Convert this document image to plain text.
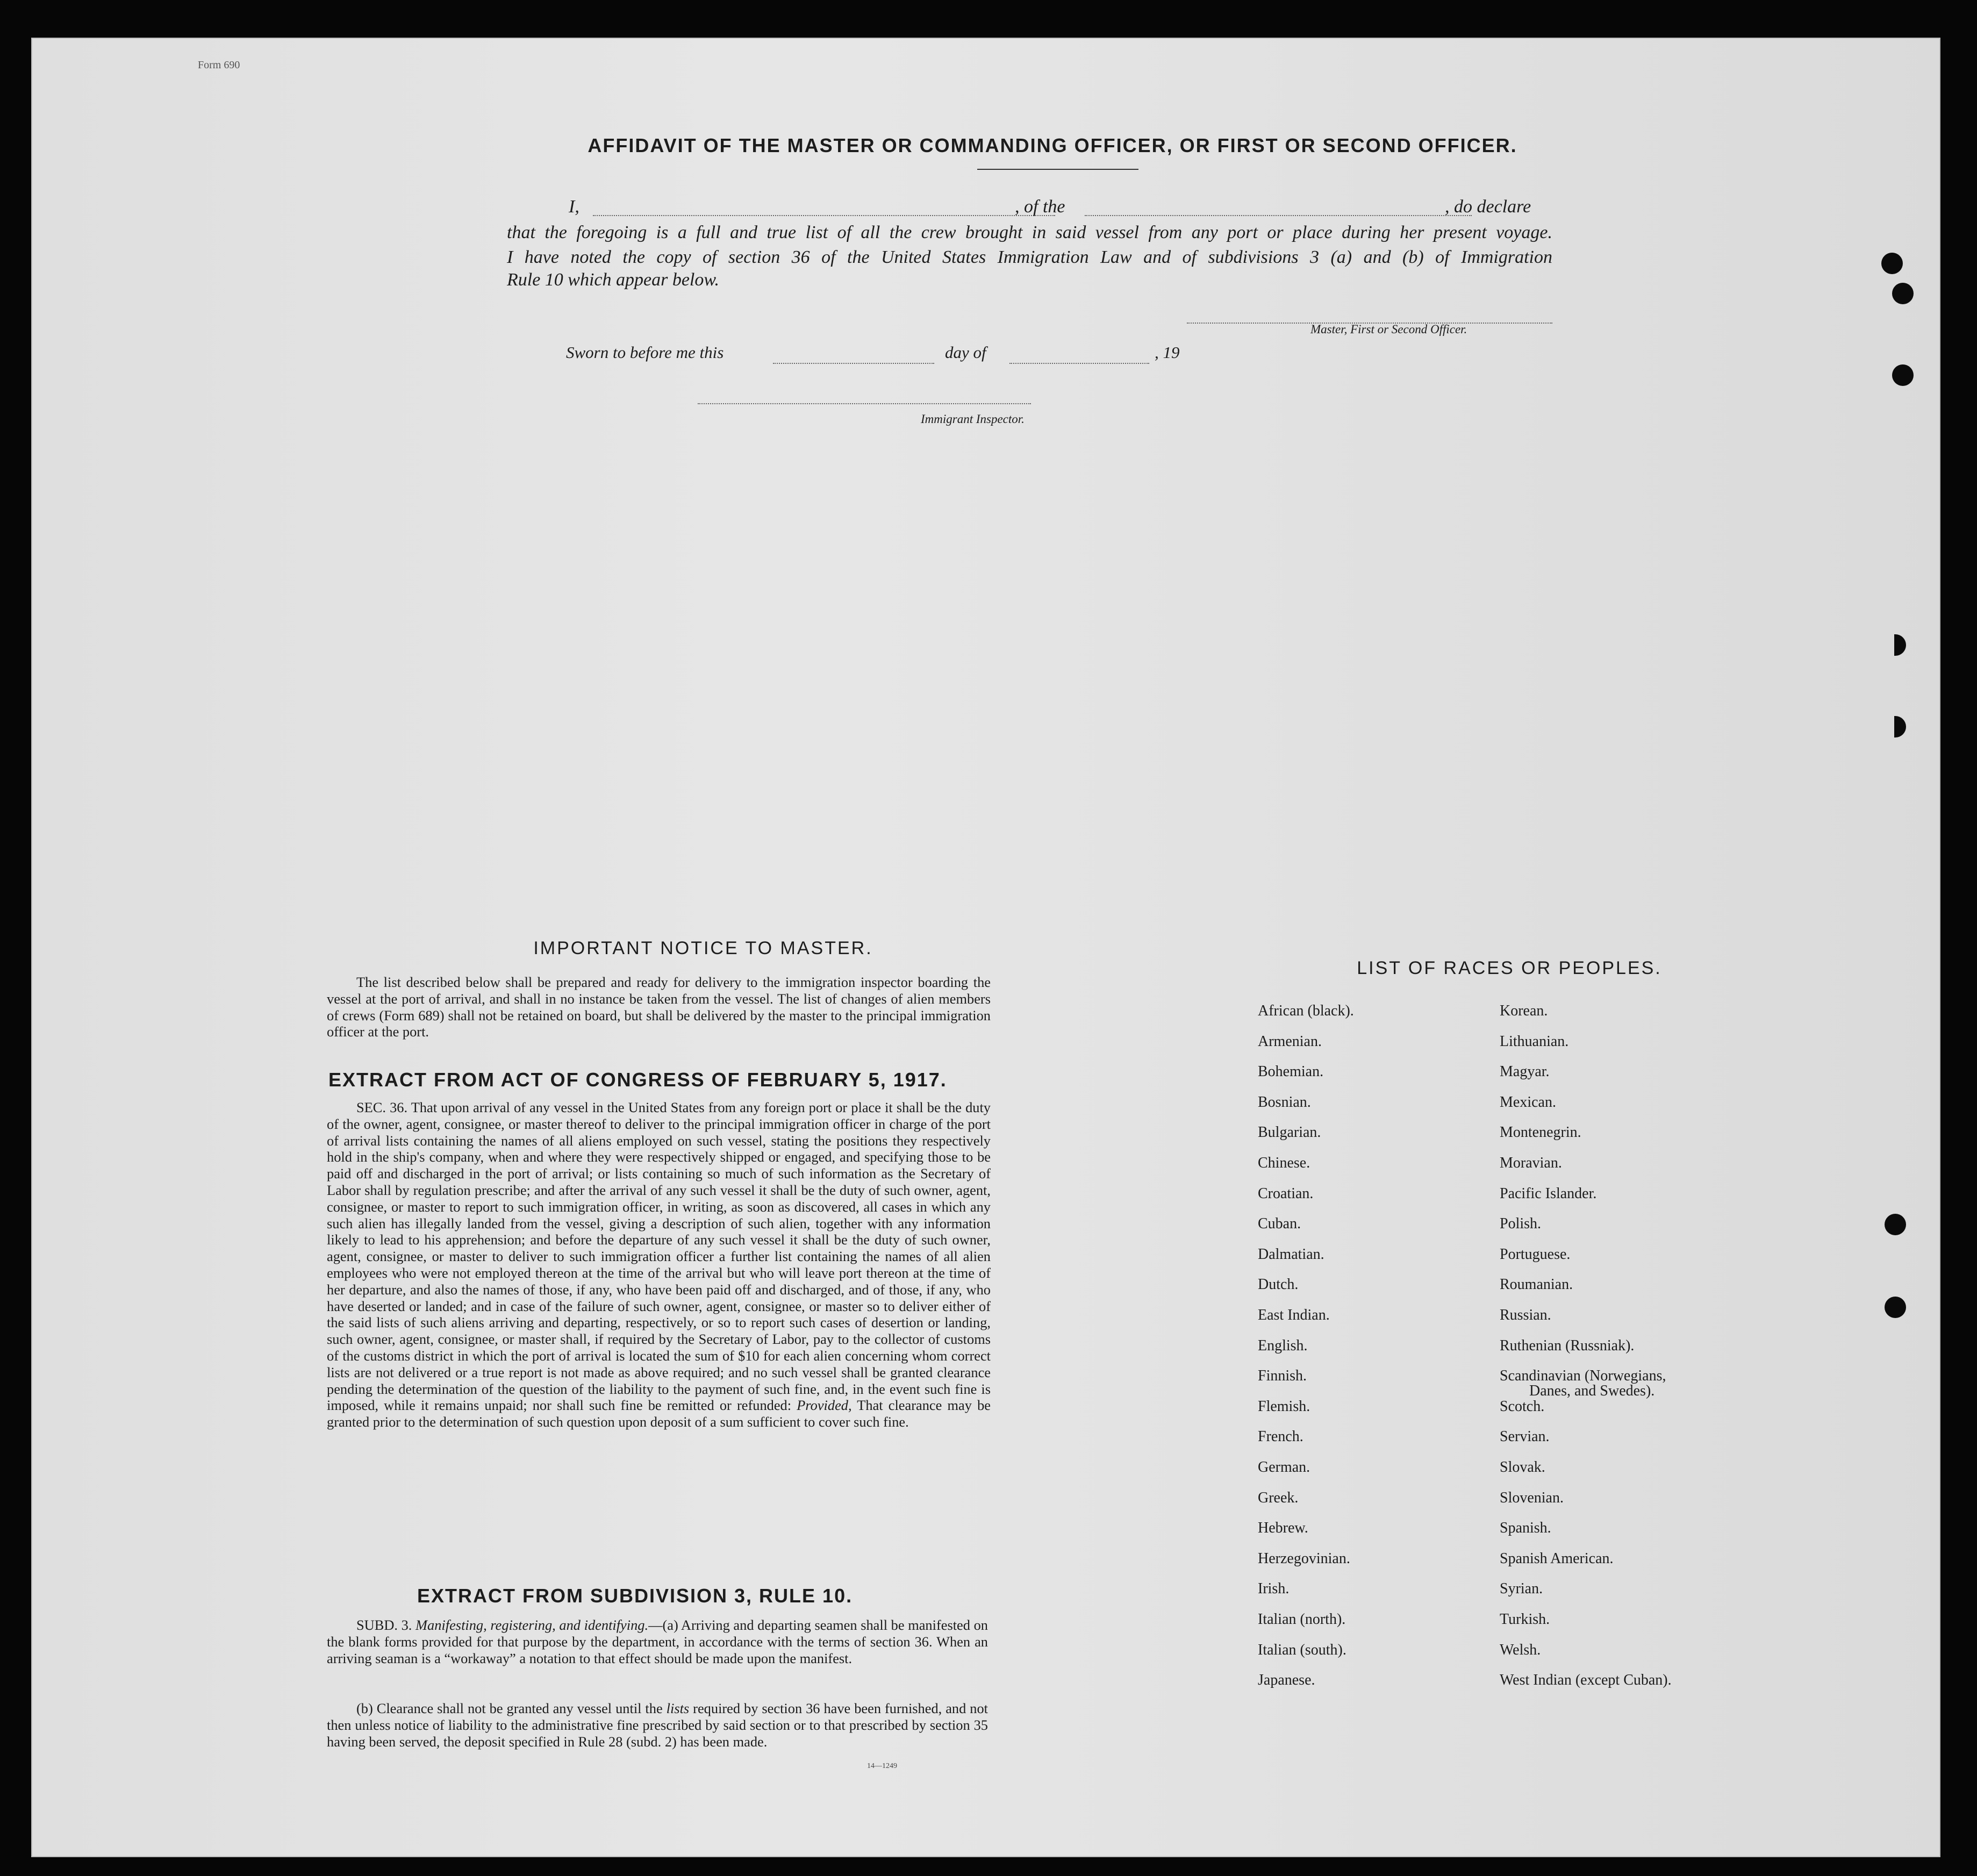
Form 690
AFFIDAVIT OF THE MASTER OR COMMANDING OFFICER, OR FIRST OR SECOND OFFICER.
I,	, of the	, do declare
that the foregoing is a full and true list of all the crew brought in said vessel from any port or place during her present voyage.
I have noted the copy of section 36 of the United States Immigration Law and of subdivisions 3 (a) and (b) of Immigration
Rule 10 which appear below.
Master, First or Second Officer.
Sworn to before me this	day of	, 19
Immigrant Inspector.
IMPORTANT NOTICE TO MASTER.
The list described below shall be prepared and ready for delivery to the immigration inspector boarding the vessel at the port of arrival, and shall in no instance be taken from the vessel. The list of changes of alien members of crews (Form 689) shall not be retained on board, but shall be delivered by the master to the principal immigration officer at the port.
EXTRACT FROM ACT OF CONGRESS OF FEBRUARY 5, 1917.
SEC. 36. That upon arrival of any vessel in the United States from any foreign port or place it shall be the duty of the owner, agent, consignee, or master thereof to deliver to the principal immigration officer in charge of the port of arrival lists containing the names of all aliens employed on such vessel, stating the positions they respectively hold in the ship's company, when and where they were respectively shipped or engaged, and specifying those to be paid off and discharged in the port of arrival; or lists containing so much of such information as the Secretary of Labor shall by regulation prescribe; and after the arrival of any such vessel it shall be the duty of such owner, agent, consignee, or master to report to such immigration officer, in writing, as soon as discovered, all cases in which any such alien has illegally landed from the vessel, giving a description of such alien, together with any information likely to lead to his apprehension; and before the departure of any such vessel it shall be the duty of such owner, agent, consignee, or master to deliver to such immigration officer a further list containing the names of all alien employees who were not employed thereon at the time of the arrival but who will leave port thereon at the time of her departure, and also the names of those, if any, who have been paid off and discharged, and of those, if any, who have deserted or landed; and in case of the failure of such owner, agent, consignee, or master so to deliver either of the said lists of such aliens arriving and departing, respectively, or so to report such cases of desertion or landing, such owner, agent, consignee, or master shall, if required by the Secretary of Labor, pay to the collector of customs of the customs district in which the port of arrival is located the sum of $10 for each alien concerning whom correct lists are not delivered or a true report is not made as above required; and no such vessel shall be granted clearance pending the determination of the question of the liability to the payment of such fine, and, in the event such fine is imposed, while it remains unpaid; nor shall such fine be remitted or refunded: Provided, That clearance may be granted prior to the determination of such question upon deposit of a sum sufficient to cover such fine.
EXTRACT FROM SUBDIVISION 3, RULE 10.
SUBD. 3. Manifesting, registering, and identifying.—(a) Arriving and departing seamen shall be manifested on the blank forms provided for that purpose by the department, in accordance with the terms of section 36. When an arriving seaman is a “workaway” a notation to that effect should be made upon the manifest.
(b) Clearance shall not be granted any vessel until the lists required by section 36 have been furnished, and not then unless notice of liability to the administrative fine prescribed by said section or to that prescribed by section 35 having been served, the deposit specified in Rule 28 (subd. 2) has been made.
14—1249
LIST OF RACES OR PEOPLES.
African (black).
Armenian.
Bohemian.
Bosnian.
Bulgarian.
Chinese.
Croatian.
Cuban.
Dalmatian.
Dutch.
East Indian.
English.
Finnish.
Flemish.
French.
German.
Greek.
Hebrew.
Herzegovinian.
Irish.
Italian (north).
Italian (south).
Japanese.
Korean.
Lithuanian.
Magyar.
Mexican.
Montenegrin.
Moravian.
Pacific Islander.
Polish.
Portuguese.
Roumanian.
Russian.
Ruthenian (Russniak).
Scandinavian (Norwegians,
Danes, and Swedes).
Scotch.
Servian.
Slovak.
Slovenian.
Spanish.
Spanish American.
Syrian.
Turkish.
Welsh.
West Indian (except Cuban).
